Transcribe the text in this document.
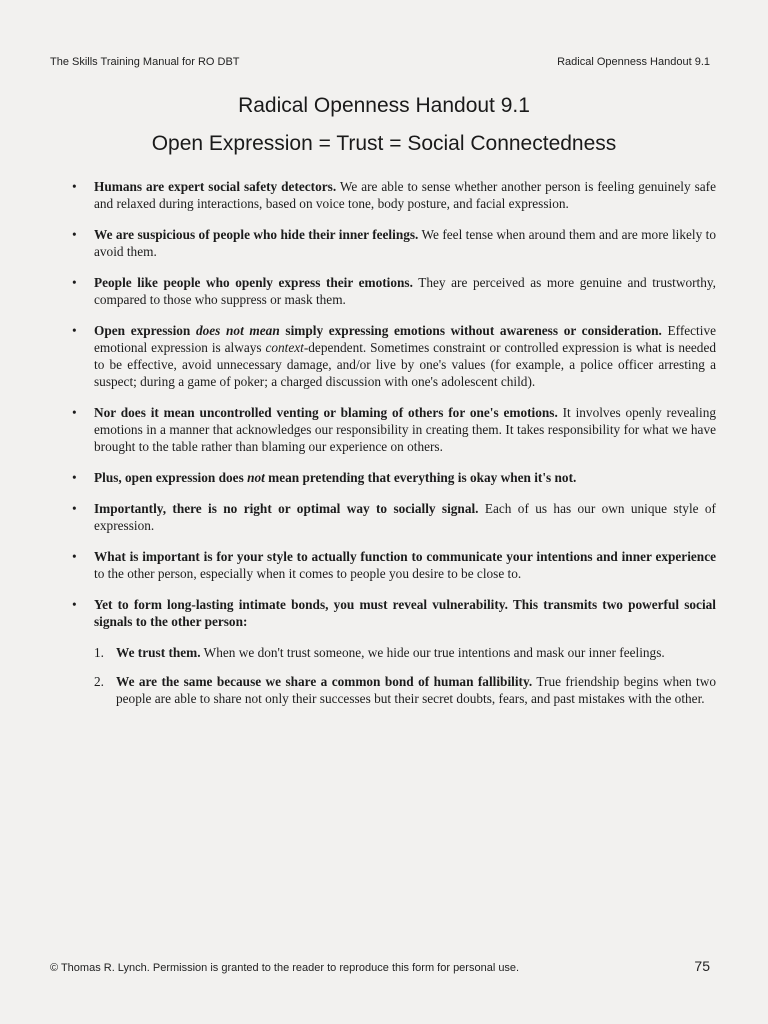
The Skills Training Manual for RO DBT	Radical Openness Handout 9.1
Radical Openness Handout 9.1
Open Expression = Trust = Social Connectedness
• Humans are expert social safety detectors. We are able to sense whether another person is feeling genuinely safe and relaxed during interactions, based on voice tone, body posture, and facial expression.
• We are suspicious of people who hide their inner feelings. We feel tense when around them and are more likely to avoid them.
• People like people who openly express their emotions. They are perceived as more genuine and trustworthy, compared to those who suppress or mask them.
• Open expression does not mean simply expressing emotions without awareness or consideration. Effective emotional expression is always context-dependent. Sometimes constraint or controlled expression is what is needed to be effective, avoid unnecessary damage, and/or live by one's values (for example, a police officer arresting a suspect; during a game of poker; a charged discussion with one's adolescent child).
• Nor does it mean uncontrolled venting or blaming of others for one's emotions. It involves openly revealing emotions in a manner that acknowledges our responsibility in creating them. It takes responsibility for what we have brought to the table rather than blaming our experience on others.
• Plus, open expression does not mean pretending that everything is okay when it's not.
• Importantly, there is no right or optimal way to socially signal. Each of us has our own unique style of expression.
• What is important is for your style to actually function to communicate your intentions and inner experience to the other person, especially when it comes to people you desire to be close to.
• Yet to form long-lasting intimate bonds, you must reveal vulnerability. This transmits two powerful social signals to the other person:
1. We trust them. When we don't trust someone, we hide our true intentions and mask our inner feelings.
2. We are the same because we share a common bond of human fallibility. True friendship begins when two people are able to share not only their successes but their secret doubts, fears, and past mistakes with the other.
© Thomas R. Lynch. Permission is granted to the reader to reproduce this form for personal use.	75
